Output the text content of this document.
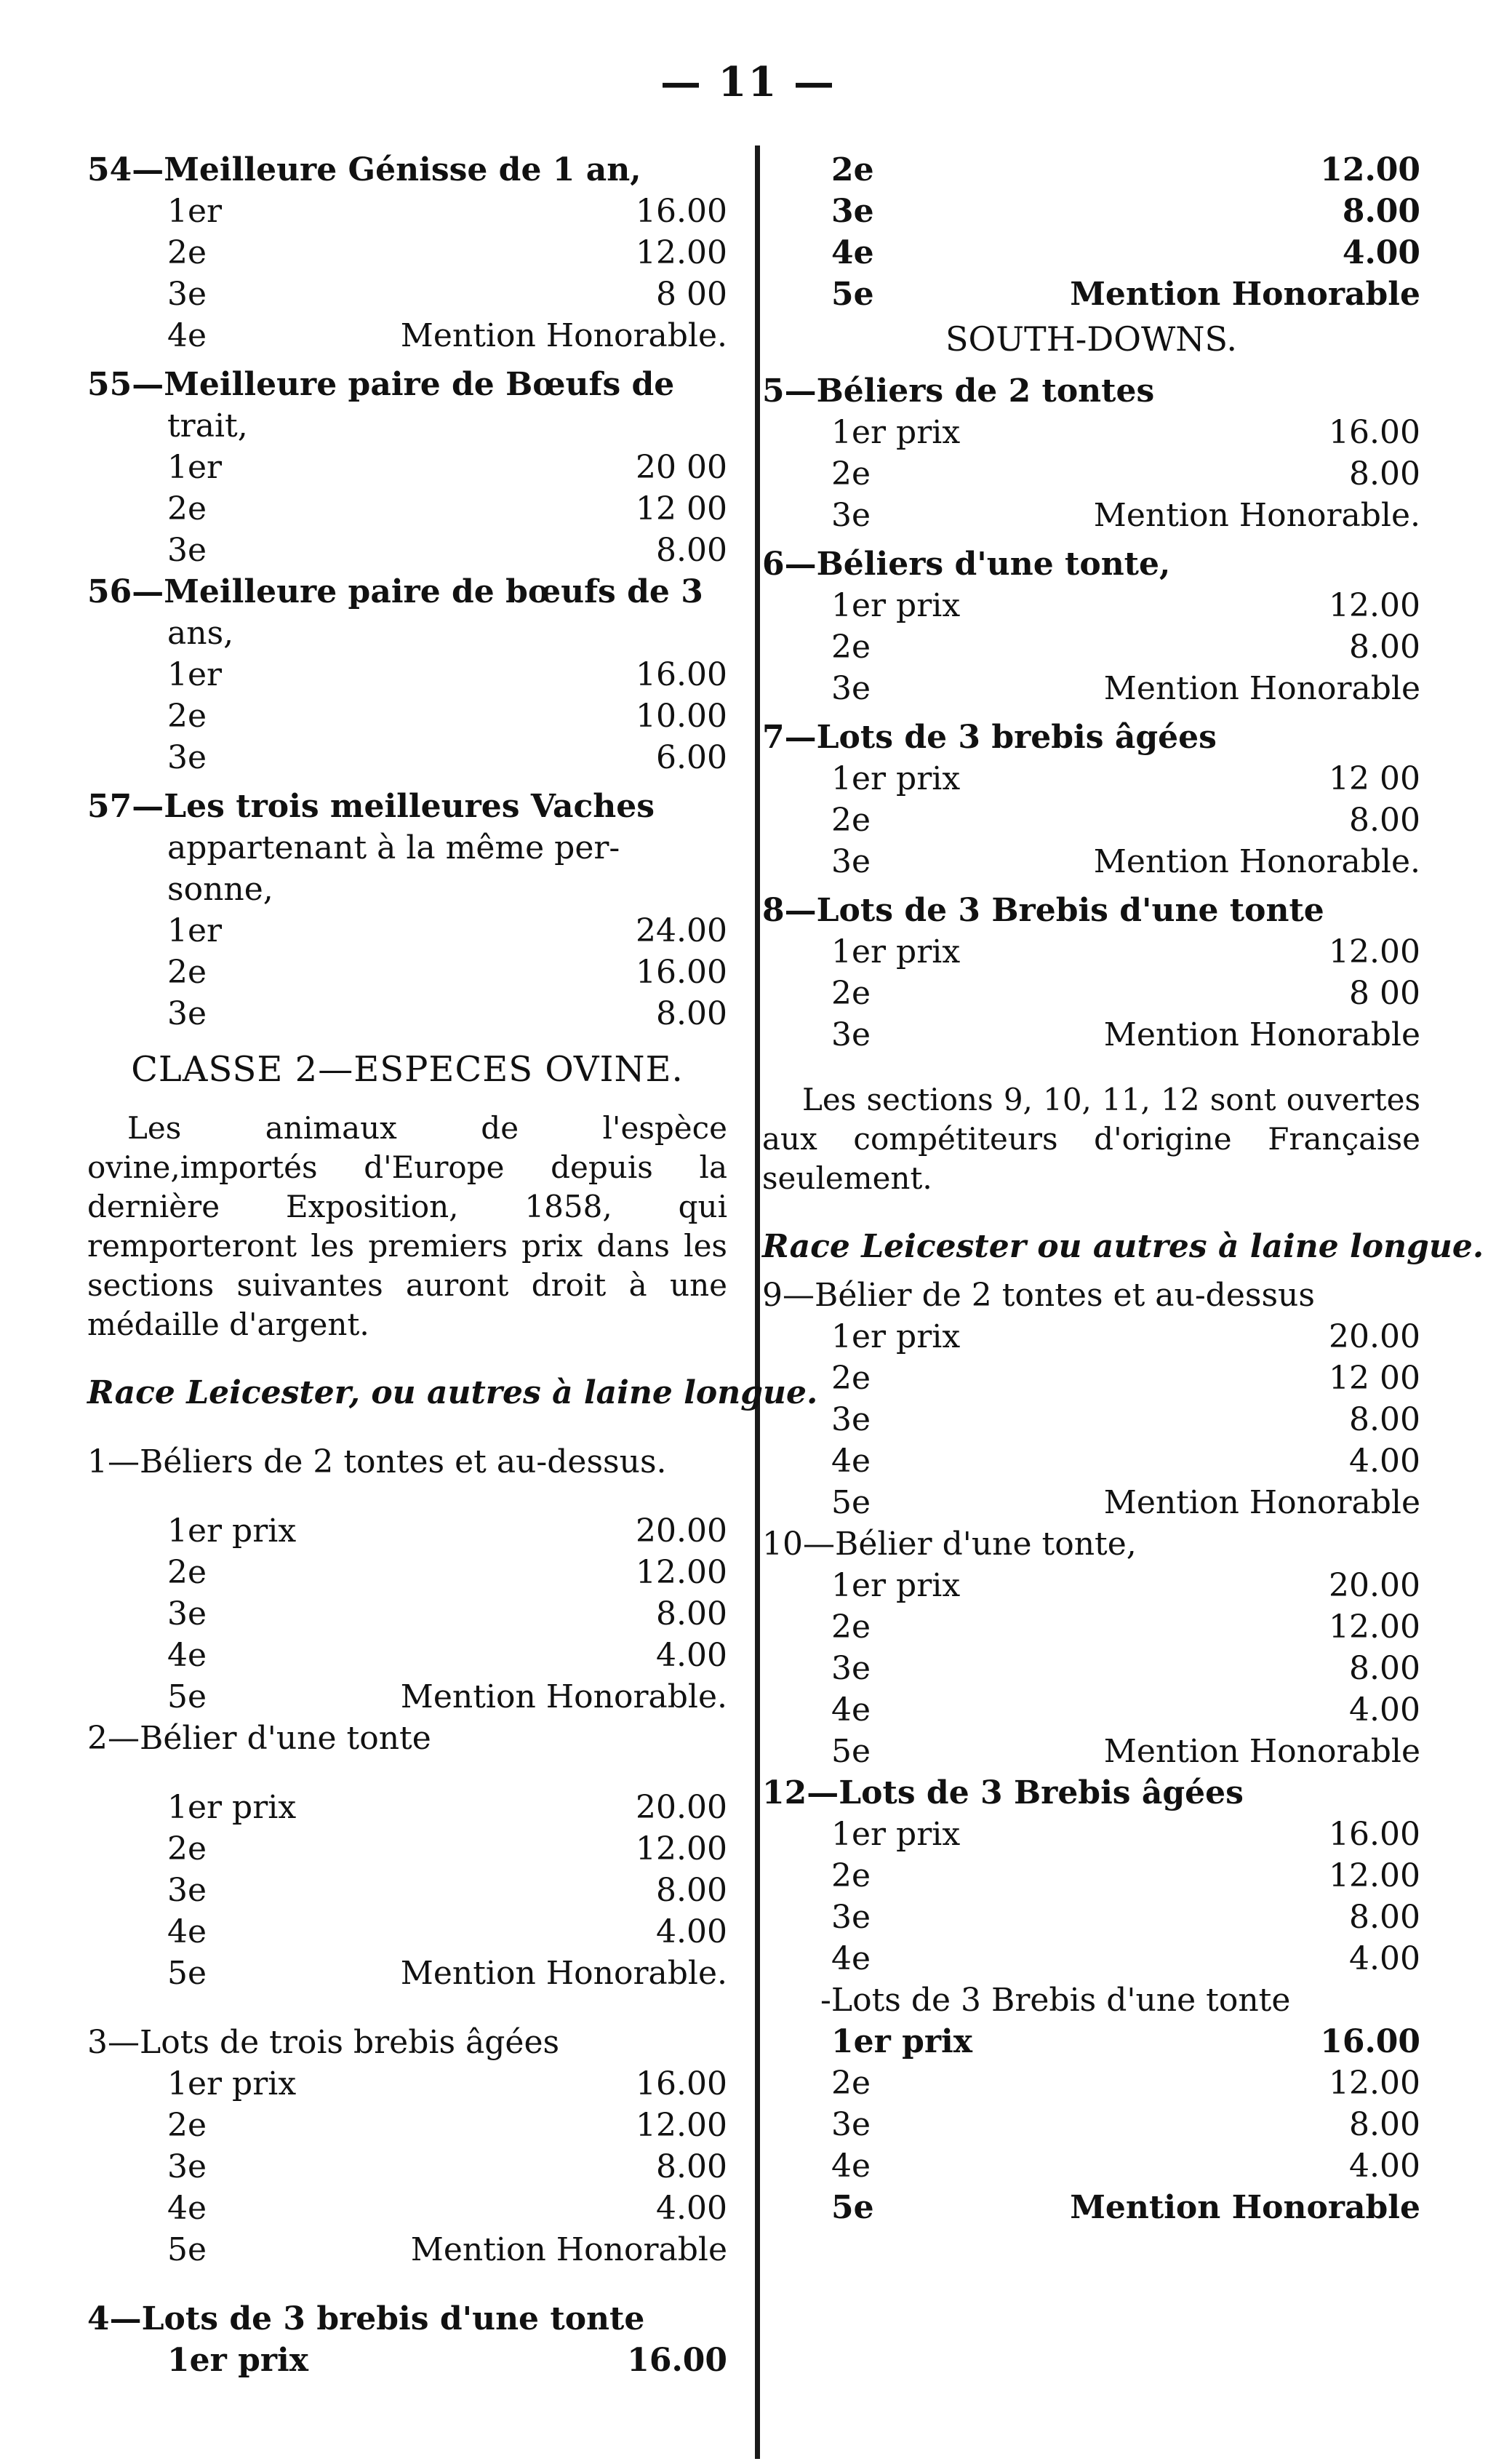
— 11 —
54—Meilleure Génisse de 1 an,
1er	16.00
2e	12.00
3e	8 00
4e	Mention Honorable.
55—Meilleure paire de Bœufs de
trait,
1er	20 00
2e	12 00
3e	8.00
56—Meilleure paire de bœufs de 3
ans,
1er	16.00
2e	10.00
3e	6.00
57—Les trois meilleures Vaches
appartenant à la même per-
sonne,
1er	24.00
2e	16.00
3e	8.00
CLASSE 2—ESPECES OVINE.
Les animaux de l'espèce ovine,importés d'Europe depuis la dernière Exposition, 1858, qui remporteront les premiers prix dans les sections suivantes auront droit à une médaille d'argent.
Race Leicester, ou autres à laine longue.
1—Béliers de 2 tontes et au-dessus.
1er prix	20.00
2e	12.00
3e	8.00
4e	4.00
5e	Mention Honorable.
2—Bélier d'une tonte
1er prix	20.00
2e	12.00
3e	8.00
4e	4.00
5e	Mention Honorable.
3—Lots de trois brebis âgées
1er prix	16.00
2e	12.00
3e	8.00
4e	4.00
5e	Mention Honorable
4—Lots de 3 brebis d'une tonte
1er prix	16.00
2e	12.00
3e	8.00
4e	4.00
5e	Mention Honorable
SOUTH-DOWNS.
5—Béliers de 2 tontes
1er prix	16.00
2e	8.00
3e	Mention Honorable.
6—Béliers d'une tonte,
1er prix	12.00
2e	8.00
3e	Mention Honorable
7—Lots de 3 brebis âgées
1er prix	12 00
2e	8.00
3e	Mention Honorable.
8—Lots de 3 Brebis d'une tonte
1er prix	12.00
2e	8 00
3e	Mention Honorable
Les sections 9, 10, 11, 12 sont ouvertes aux compétiteurs d'origine Française seulement.
Race Leicester ou autres à laine longue.
9—Bélier de 2 tontes et au-dessus
1er prix	20.00
2e	12 00
3e	8.00
4e	4.00
5e	Mention Honorable
10—Bélier d'une tonte,
1er prix	20.00
2e	12.00
3e	8.00
4e	4.00
5e	Mention Honorable
12—Lots de 3 Brebis âgées
1er prix	16.00
2e	12.00
3e	8.00
4e	4.00
-Lots de 3 Brebis d'une tonte
1er prix	16.00
2e	12.00
3e	8.00
4e	4.00
5e	Mention Honorable
